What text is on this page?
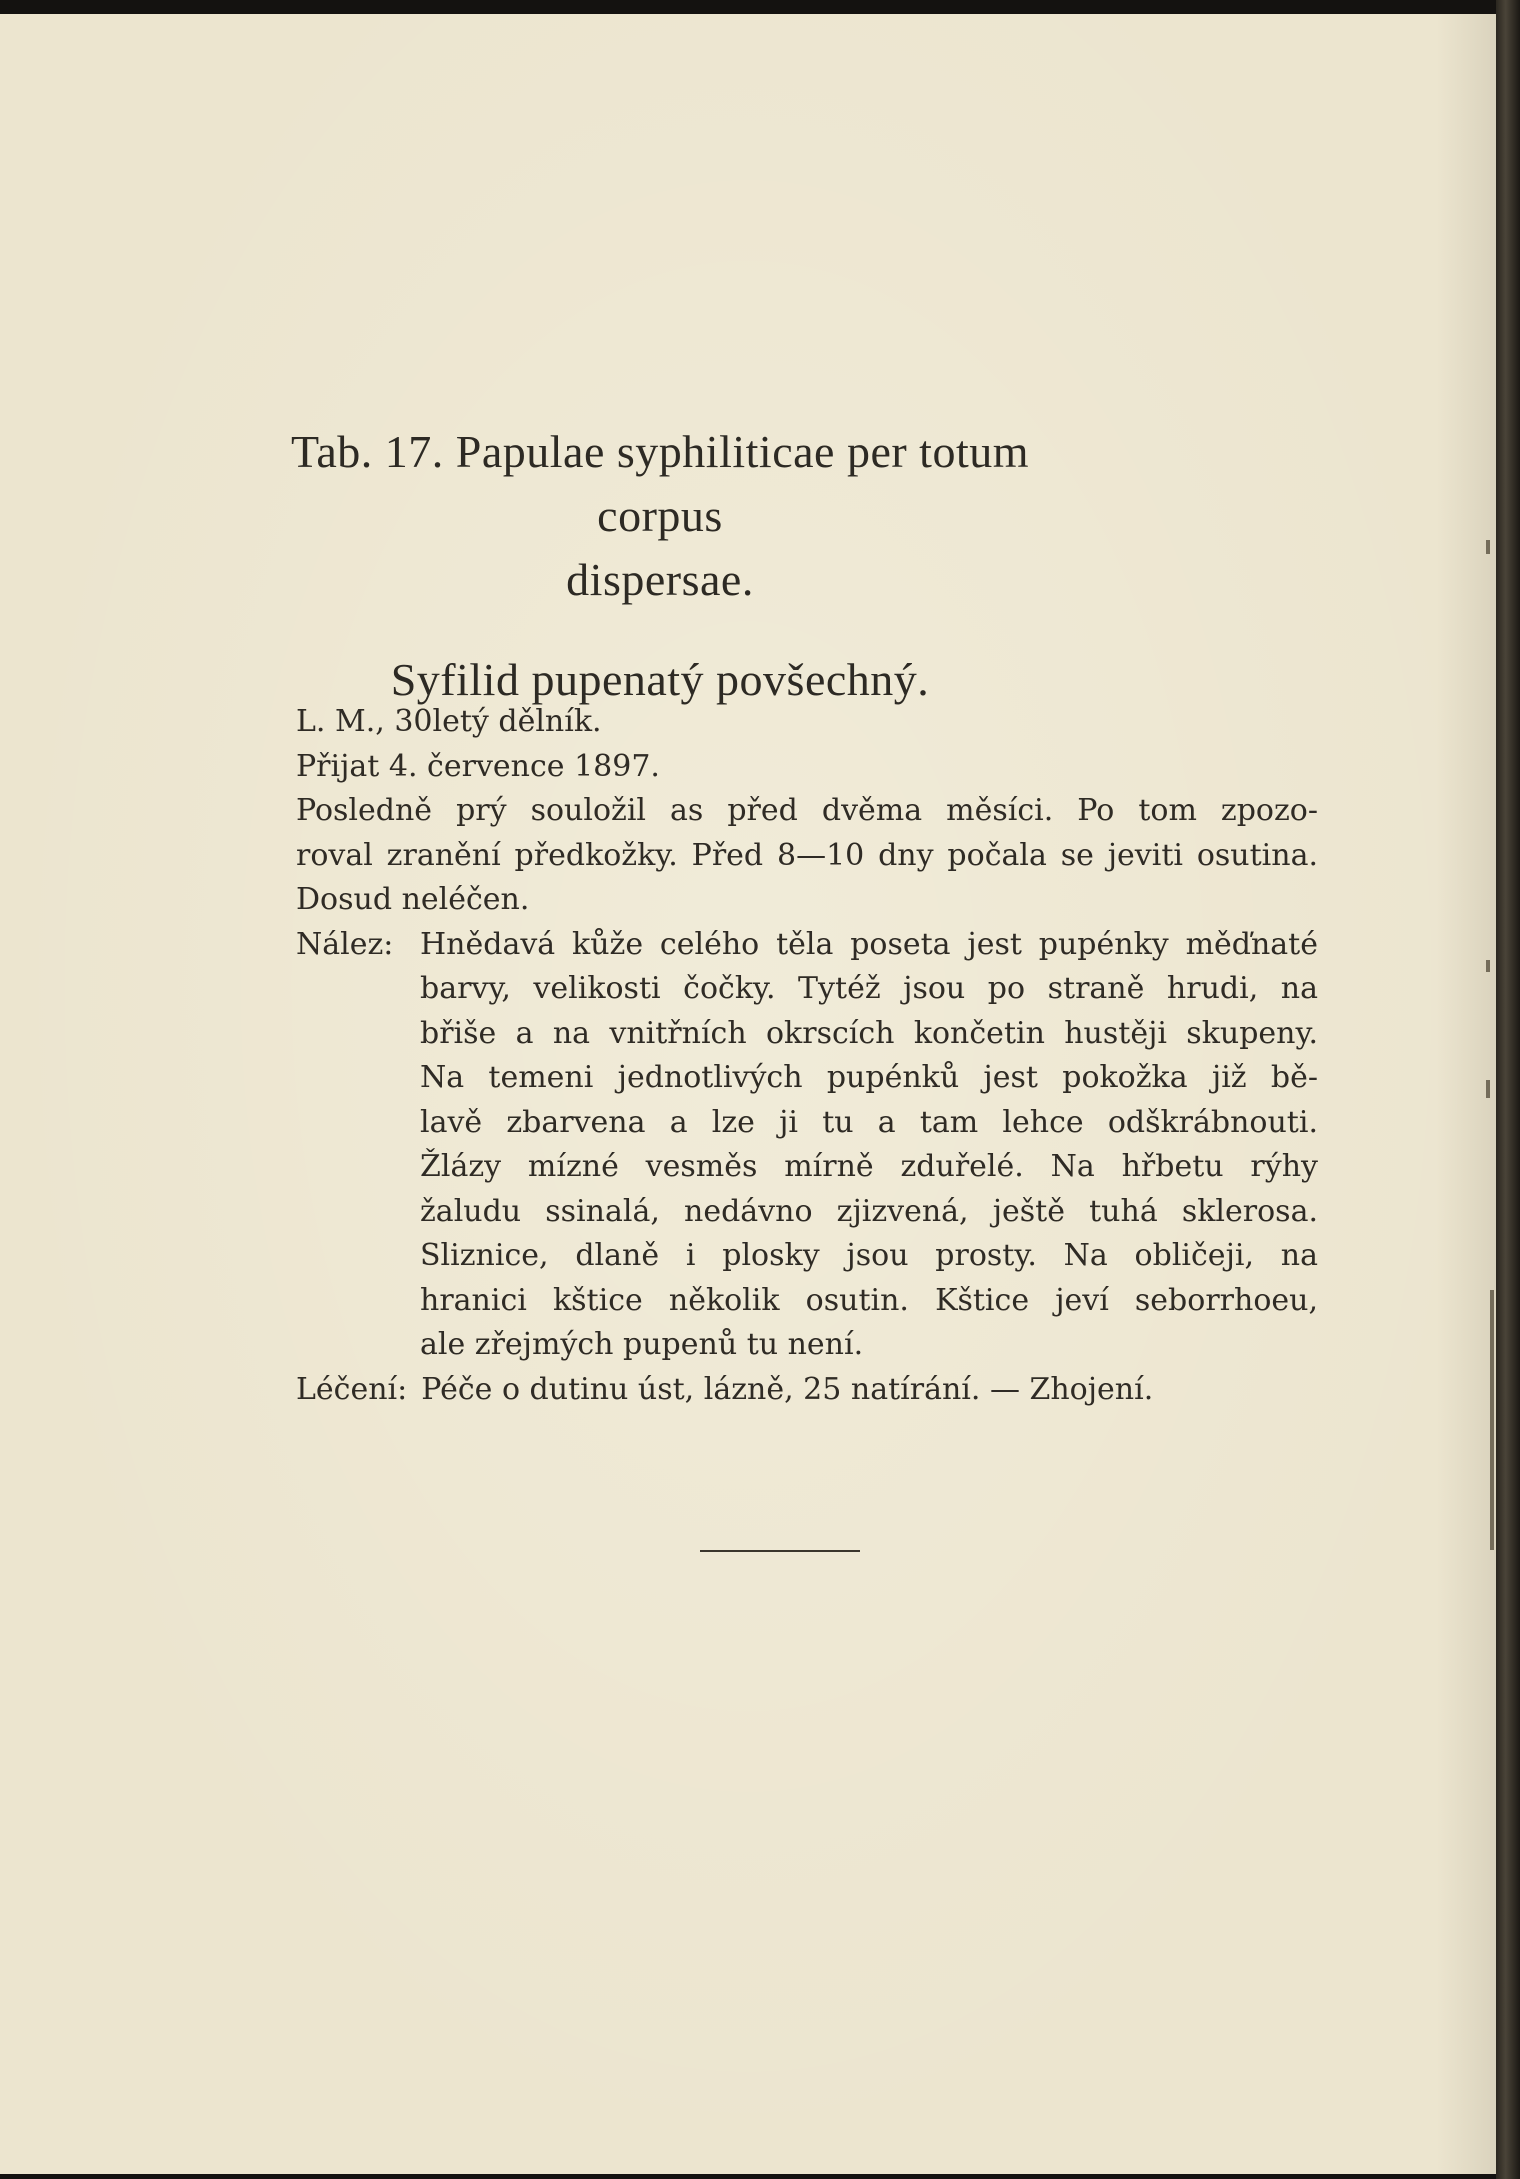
Tab. 17. Papulae syphiliticae per totum corpus
dispersae.
Syfilid pupenatý povšechný.
L. M., 30letý dělník.
Přijat 4. července 1897.
Posledně prý souložil as před dvěma měsíci. Po tom zpozo-
roval zranění předkožky. Před 8—10 dny počala se jeviti osutina.
Dosud neléčen.
Nález: Hnědavá kůže celého těla poseta jest pupénky měďnaté
barvy, velikosti čočky. Tytéž jsou po straně hrudi, na
břiše a na vnitřních okrscích končetin hustěji skupeny.
Na temeni jednotlivých pupénků jest pokožka již bě-
lavě zbarvena a lze ji tu a tam lehce odškrábnouti.
Žlázy mízné vesměs mírně zduřelé. Na hřbetu rýhy
žaludu ssinalá, nedávno zjizvená, ještě tuhá sklerosa.
Sliznice, dlaně i plosky jsou prosty. Na obličeji, na
hranici kštice několik osutin. Kštice jeví seborrhoeu,
ale zřejmých pupenů tu není.
Léčení: Péče o dutinu úst, lázně, 25 natírání. — Zhojení.
